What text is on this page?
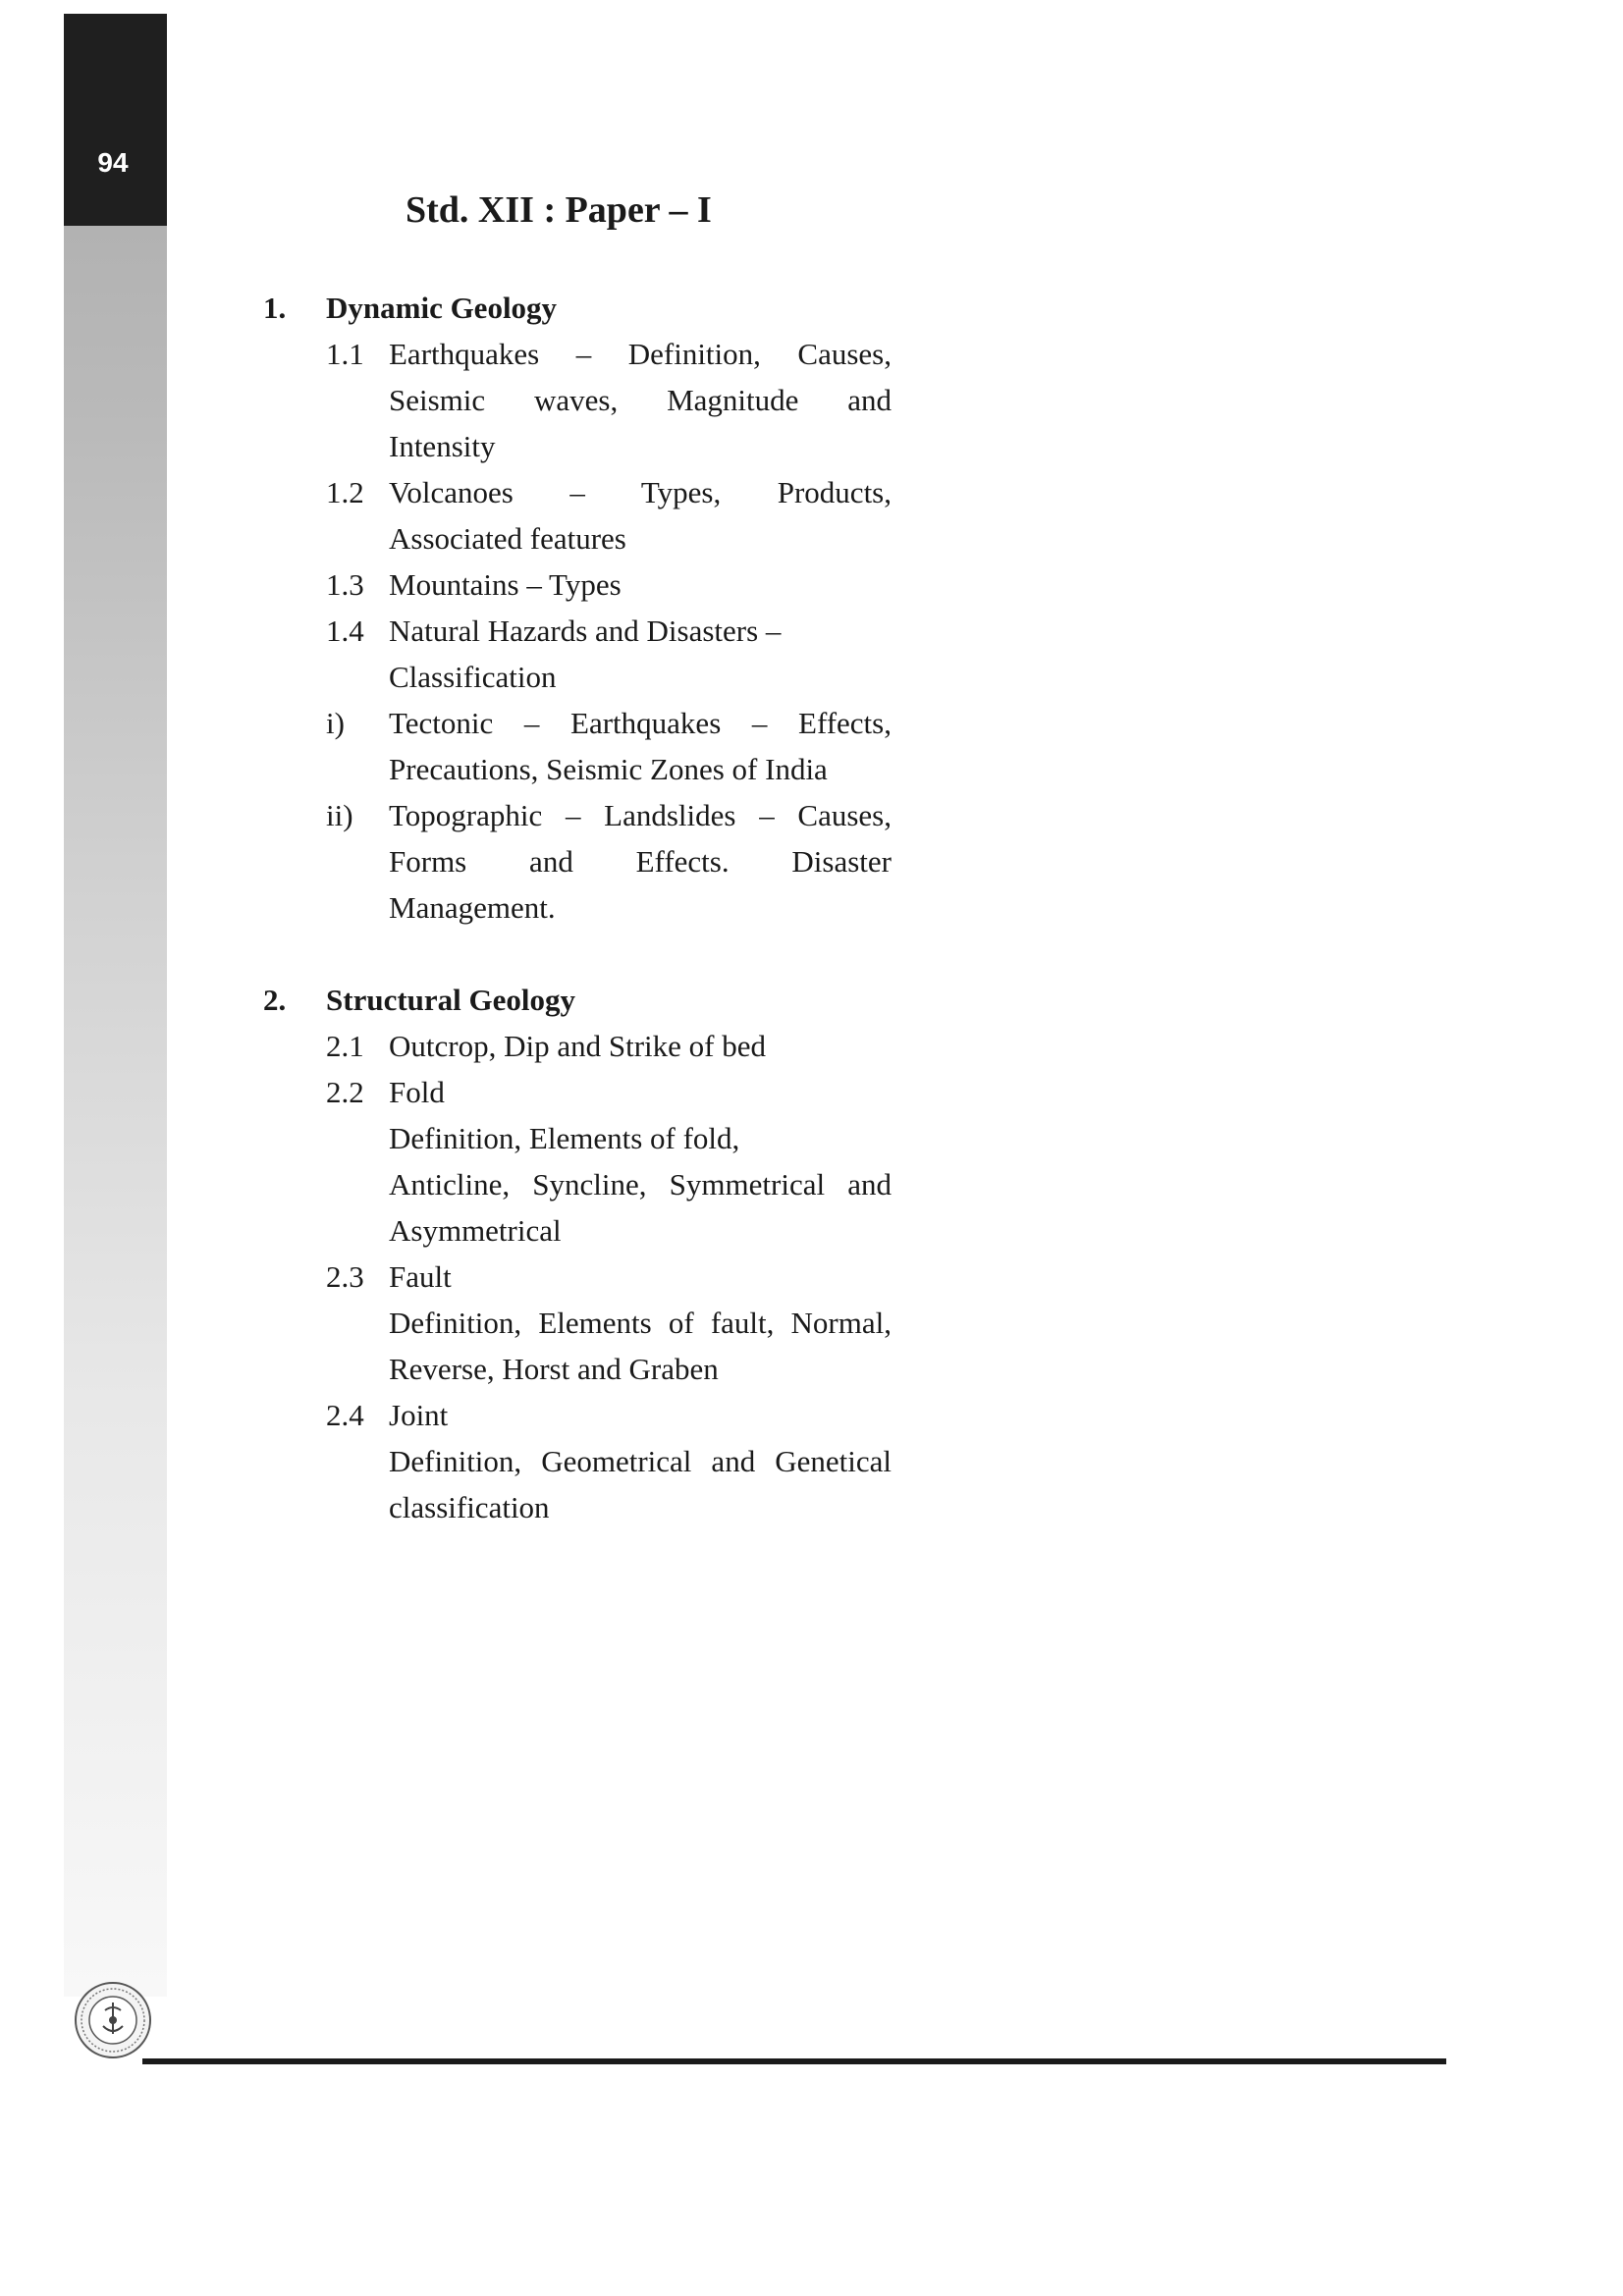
94
Std. XII : Paper – I
1.	Dynamic Geology
1.1 Earthquakes – Definition, Causes,
Seismic waves, Magnitude and
Intensity
1.2 Volcanoes – Types, Products,
Associated features
1.3 Mountains – Types
1.4 Natural Hazards and Disasters –
Classification
i)	Tectonic – Earthquakes – Effects,
Precautions, Seismic Zones of India
ii)	Topographic – Landslides – Causes,
Forms and Effects. Disaster
Management.
2.	Structural Geology
2.1 Outcrop, Dip and Strike of bed
2.2 Fold
Definition, Elements of fold,
Anticline, Syncline, Symmetrical and
Asymmetrical
2.3 Fault
Definition, Elements of fault, Normal,
Reverse, Horst and Graben
2.4 Joint
Definition, Geometrical and Genetical
classification
